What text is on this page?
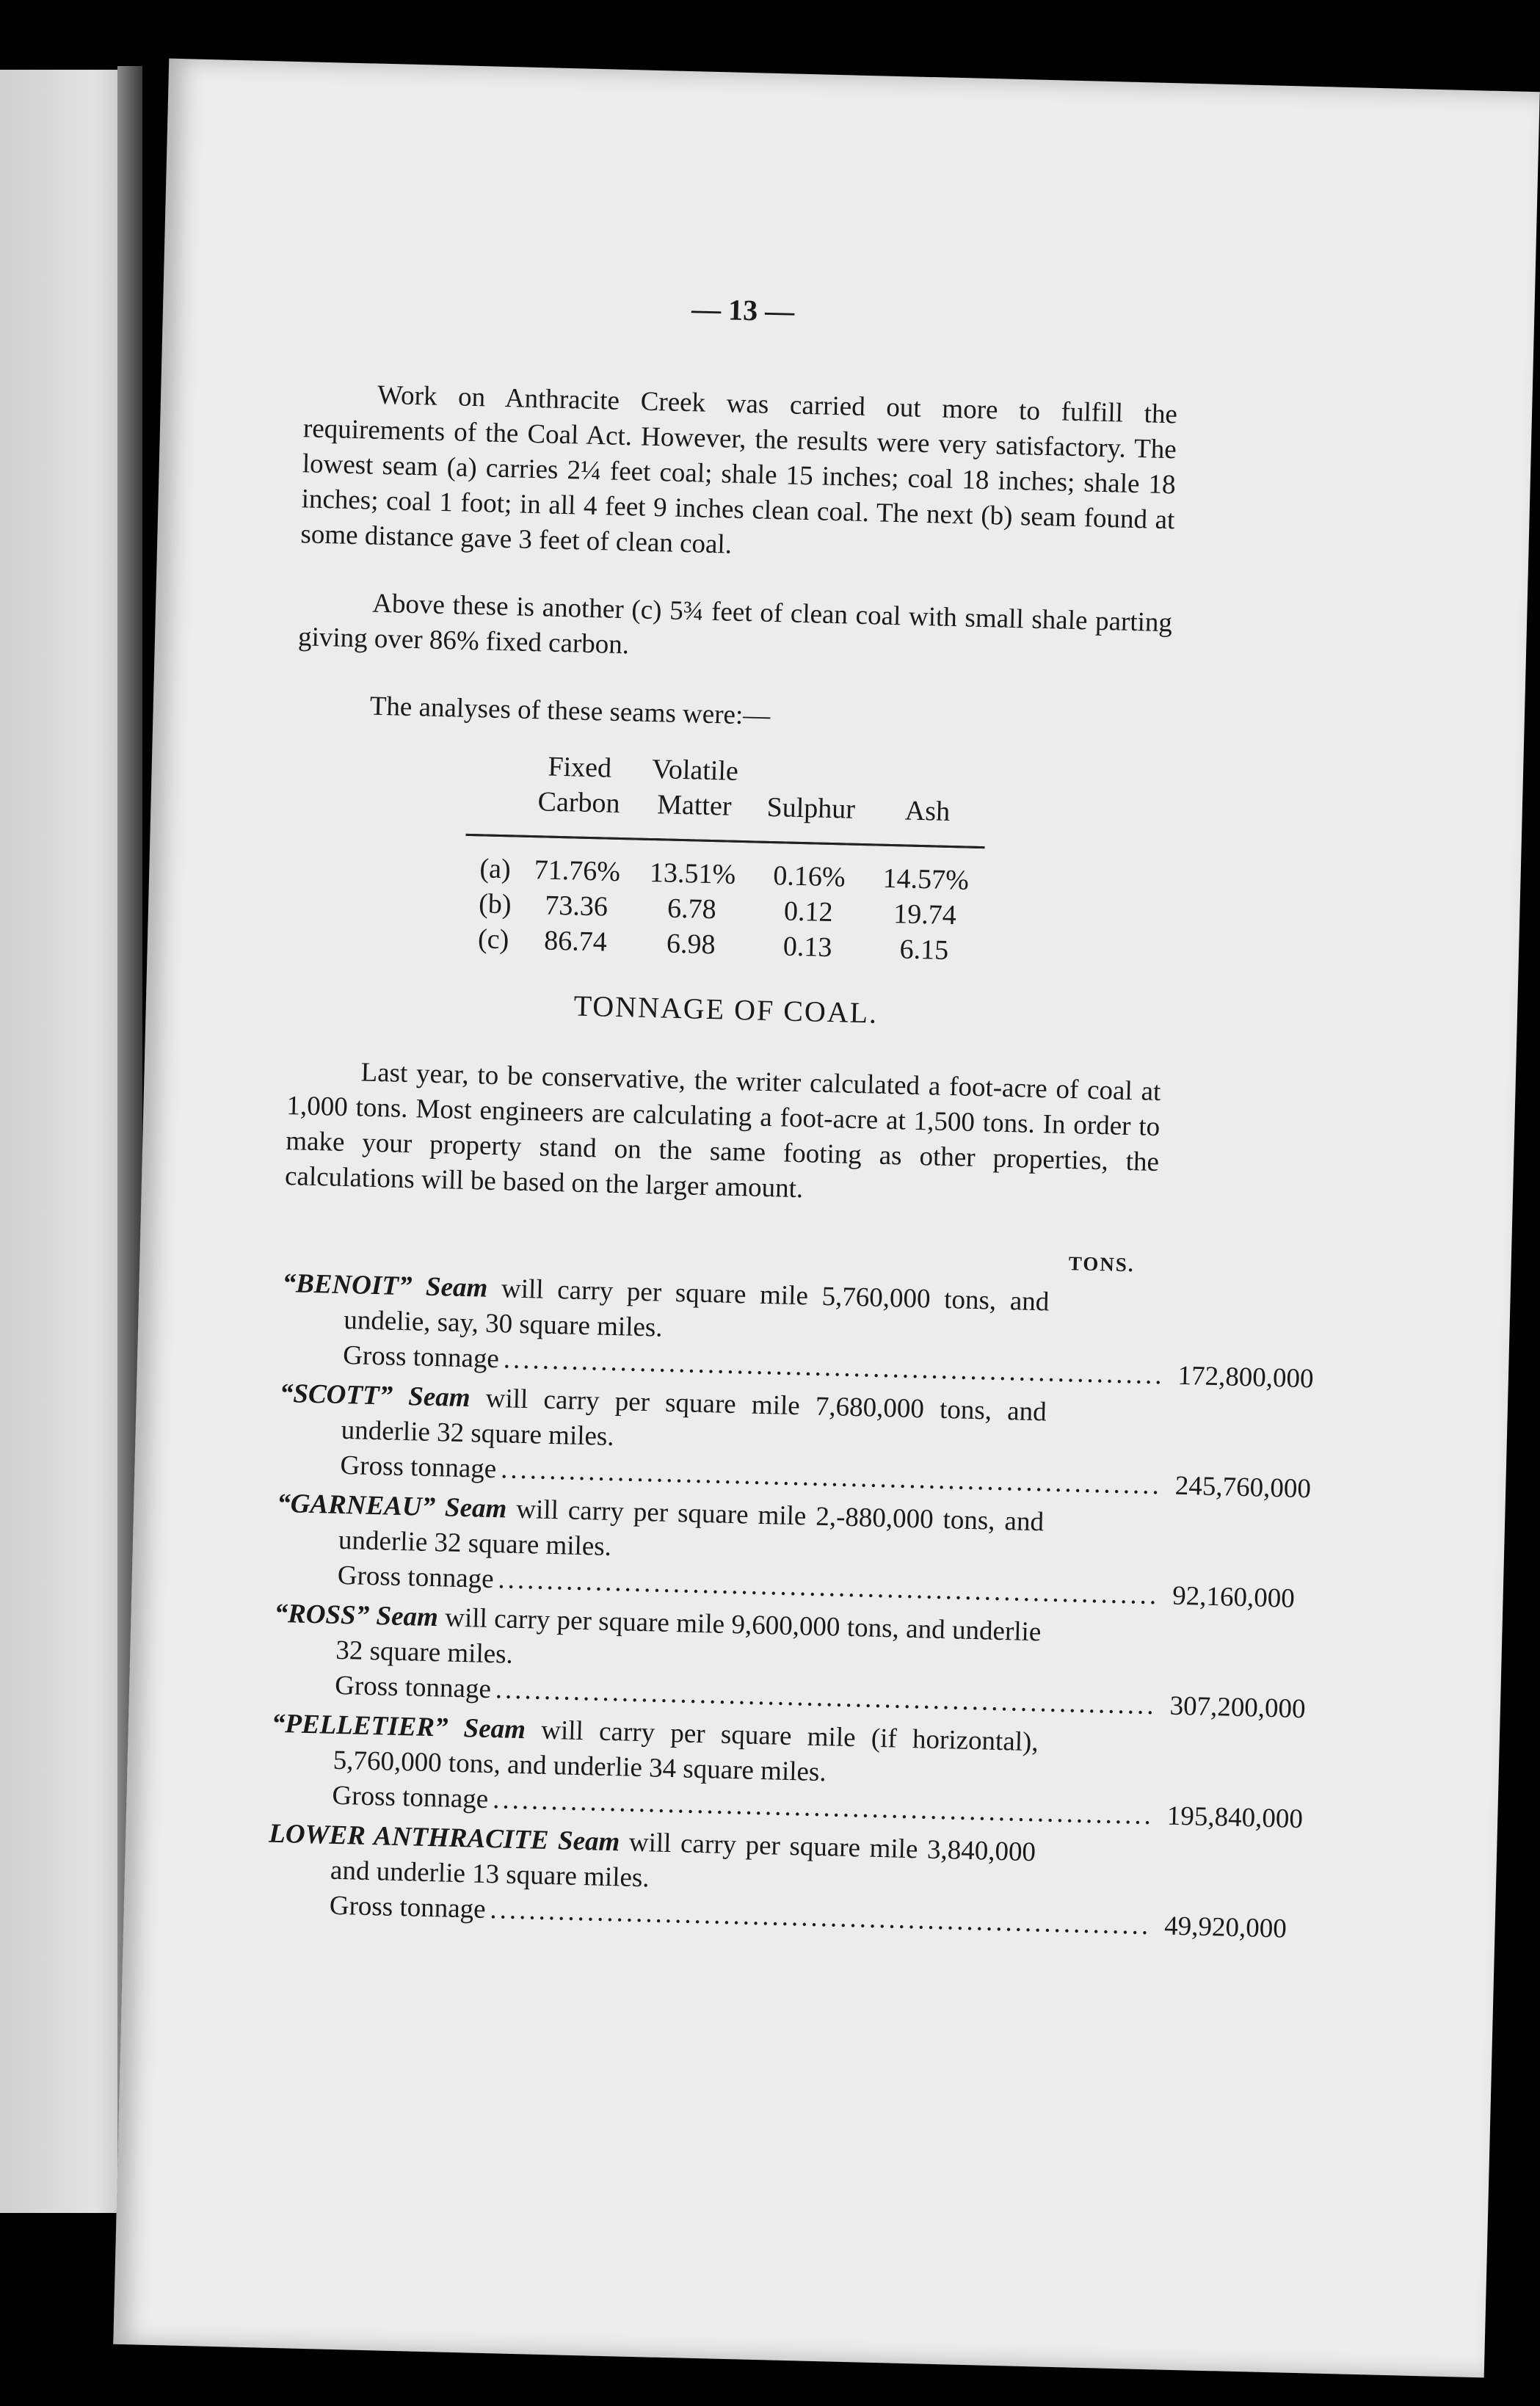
— 13 —

Work on Anthracite Creek was carried out more to fulfill the requirements of the Coal Act. However, the results were very satisfactory. The lowest seam (a) carries 2¼ feet coal; shale 15 inches; coal 18 inches; shale 18 inches; coal 1 foot; in all 4 feet 9 inches clean coal. The next (b) seam found at some distance gave 3 feet of clean coal.

Above these is another (c) 5¾ feet of clean coal with small shale parting giving over 86% fixed carbon.

The analyses of these seams were:—

	Fixed Carbon	Volatile Matter	Sulphur	Ash
(a)	71.76%	13.51%	0.16%	14.57%
(b)	73.36	6.78	0.12	19.74
(c)	86.74	6.98	0.13	6.15
TONNAGE OF COAL.

Last year, to be conservative, the writer calculated a foot-acre of coal at 1,000 tons. Most engineers are calculating a foot-acre at 1,500 tons. In order to make your property stand on the same footing as other properties, the calculations will be based on the larger amount.

TONS.
“BENOIT” Seam will carry per square mile 5,760,000 tons, and undelie, say, 30 square miles.
Gross tonnage .................................................................... 172,800,000
“SCOTT” Seam will carry per square mile 7,680,000 tons, and underlie 32 square miles.
Gross tonnage .................................................................... 245,760,000
“GARNEAU” Seam will carry per square mile 2,-880,000 tons, and underlie 32 square miles.
Gross tonnage .................................................................... 92,160,000
“ROSS” Seam will carry per square mile 9,600,000 tons, and underlie 32 square miles.
Gross tonnage .................................................................... 307,200,000
“PELLETIER” Seam will carry per square mile (if horizontal), 5,760,000 tons, and underlie 34 square miles.
Gross tonnage .................................................................... 195,840,000
LOWER ANTHRACITE Seam will carry per square mile 3,840,000 and underlie 13 square miles.
Gross tonnage .................................................................... 49,920,000
